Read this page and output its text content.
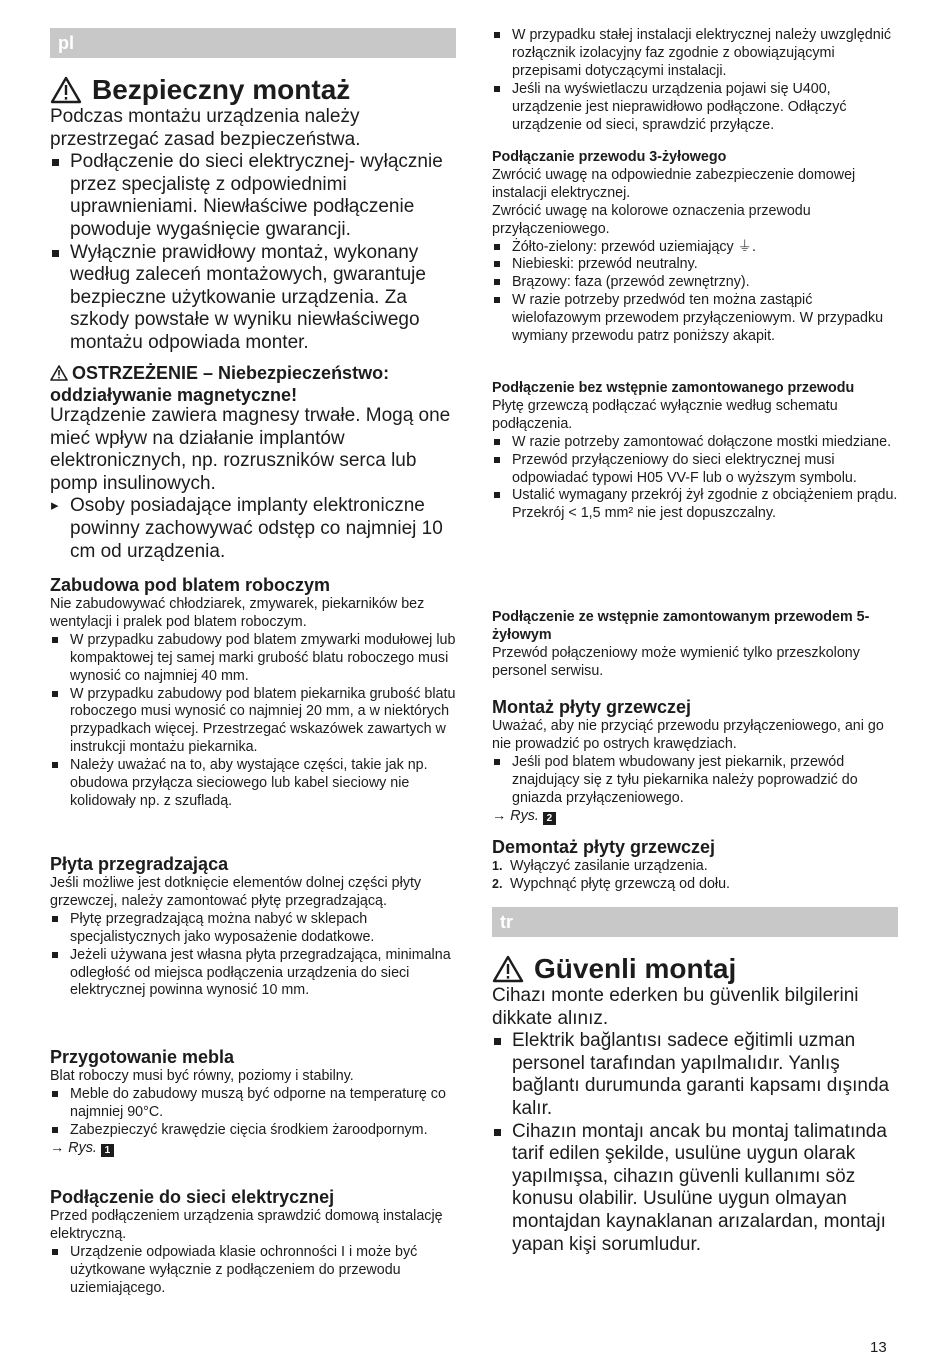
pl
Bezpieczny montaż

Podczas montażu urządzenia należy przestrzegać zasad bezpieczeństwa.

Podłączenie do sieci elektrycznej- wyłącznie przez specjalistę z odpowiednimi uprawnieniami. Niewłaściwe podłączenie powoduje wygaśnięcie gwarancji.
Wyłącznie prawidłowy montaż, wykonany według zaleceń montażowych, gwarantuje bezpieczne użytkowanie urządzenia. Za szkody powstałe w wyniku niewłaściwego montażu odpowiada monter.
OSTRZEŻENIE – Niebezpieczeństwo: oddziaływanie magnetyczne!

Urządzenie zawiera magnesy trwałe. Mogą one mieć wpływ na działanie implantów elektronicznych, np. rozruszników serca lub pomp insulinowych.

▸ Osoby posiadające implanty elektroniczne powinny zachowywać odstęp co najmniej 10 cm od urządzenia.
Zabudowa pod blatem roboczym

Nie zabudowywać chłodziarek, zmywarek, piekarników bez wentylacji i pralek pod blatem roboczym.

W przypadku zabudowy pod blatem zmywarki modułowej lub kompaktowej tej samej marki grubość blatu roboczego musi wynosić co najmniej 40 mm.
W przypadku zabudowy pod blatem piekarnika grubość blatu roboczego musi wynosić co najmniej 20 mm, a w niektórych przypadkach więcej. Przestrzegać wskazówek zawartych w instrukcji montażu piekarnika.
Należy uważać na to, aby wystające części, takie jak np. obudowa przyłącza sieciowego lub kabel sieciowy nie kolidowały np. z szufladą.
Płyta przegradzająca

Jeśli możliwe jest dotknięcie elementów dolnej części płyty grzewczej, należy zamontować płytę przegradzającą.

Płytę przegradzającą można nabyć w sklepach specjalistycznych jako wyposażenie dodatkowe.
Jeżeli używana jest własna płyta przegradzająca, minimalna odległość od miejsca podłączenia urządzenia do sieci elektrycznej powinna wynosić 10 mm.
Przygotowanie mebla

Blat roboczy musi być równy, poziomy i stabilny.

Meble do zabudowy muszą być odporne na temperaturę co najmniej 90°C.
Zabezpieczyć krawędzie cięcia środkiem żaroodpornym.

→ Rys. 1

Podłączenie do sieci elektrycznej

Przed podłączeniem urządzenia sprawdzić domową instalację elektryczną.

Urządzenie odpowiada klasie ochronności I i może być użytkowane wyłącznie z podłączeniem do przewodu uziemiającego.
W przypadku stałej instalacji elektrycznej należy uwzględnić rozłącznik izolacyjny faz zgodnie z obowiązującymi przepisami dotyczącymi instalacji.
Jeśli na wyświetlaczu urządzenia pojawi się U400, urządzenie jest nieprawidłowo podłączone. Odłączyć urządzenie od sieci, sprawdzić przyłącze.
Podłączanie przewodu 3-żyłowego

Zwrócić uwagę na odpowiednie zabezpieczenie domowej instalacji elektrycznej.

Zwrócić uwagę na kolorowe oznaczenia przewodu przyłączeniowego.

Żółto-zielony: przewód uziemiający ⏚.
Niebieski: przewód neutralny.
Brązowy: faza (przewód zewnętrzny).
W razie potrzeby przedwód ten można zastąpić wielofazowym przewodem przyłączeniowym. W przypadku wymiany przewodu patrz poniższy akapit.
Podłączenie bez wstępnie zamontowanego przewodu

Płytę grzewczą podłączać wyłącznie według schematu podłączenia.

W razie potrzeby zamontować dołączone mostki miedziane.
Przewód przyłączeniowy do sieci elektrycznej musi odpowiadać typowi H05 VV-F lub o wyższym symbolu.
Ustalić wymagany przekrój żył zgodnie z obciążeniem prądu. Przekrój < 1,5 mm² nie jest dopuszczalny.
Podłączenie ze wstępnie zamontowanym przewodem 5-żyłowym

Przewód połączeniowy może wymienić tylko przeszkolony personel serwisu.

Montaż płyty grzewczej

Uważać, aby nie przyciąć przewodu przyłączeniowego, ani go nie prowadzić po ostrych krawędziach.

Jeśli pod blatem wbudowany jest piekarnik, przewód znajdujący się z tyłu piekarnika należy poprowadzić do gniazda przyłączeniowego.

→ Rys. 2

Demontaż płyty grzewczej
1. Wyłączyć zasilanie urządzenia.
2. Wypchnąć płytę grzewczą od dołu.
tr
Güvenli montaj

Cihazı monte ederken bu güvenlik bilgilerini dikkate alınız.

Elektrik bağlantısı sadece eğitimli uzman personel tarafından yapılmalıdır. Yanlış bağlantı durumunda garanti kapsamı dışında kalır.
Cihazın montajı ancak bu montaj talimatında tarif edilen şekilde, usulüne uygun olarak yapılmışsa, cihazın güvenli kullanımı söz konusu olabilir. Usulüne uygun olmayan montajdan kaynaklanan arızalardan, montajı yapan kişi sorumludur.
13
